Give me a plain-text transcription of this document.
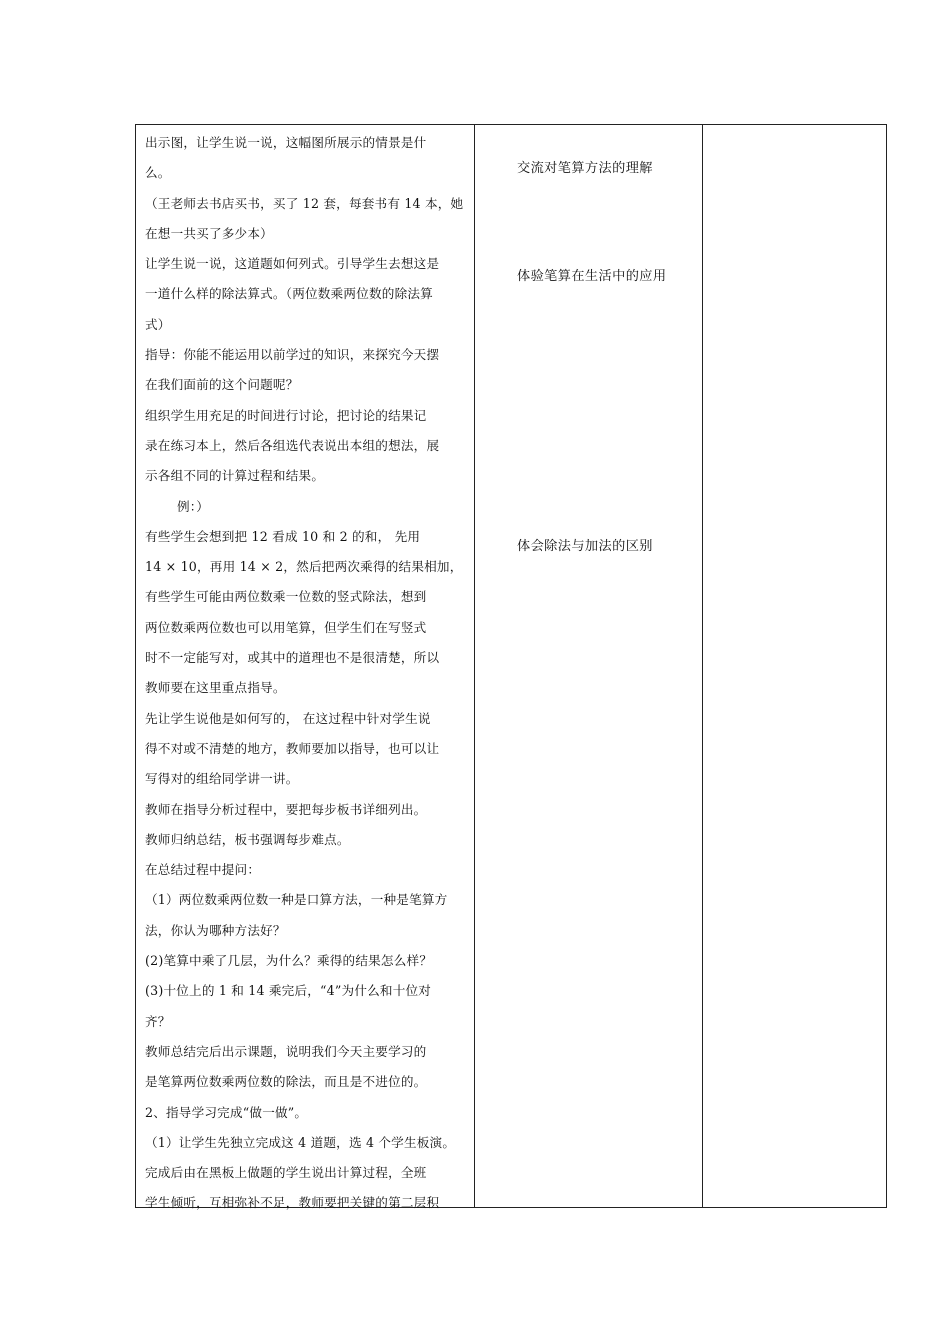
出示图，让学生说一说，这幅图所展示的情景是什
么。
（王老师去书店买书，买了 12 套，每套书有 14 本，她
在想一共买了多少本）
让学生说一说，这道题如何列式。引导学生去想这是
一道什么样的除法算式。（两位数乘两位数的除法算
式）
指导：你能不能运用以前学过的知识，来探究今天摆
在我们面前的这个问题呢？
组织学生用充足的时间进行讨论，把讨论的结果记
录在练习本上，然后各组选代表说出本组的想法，展
示各组不同的计算过程和结果。
例：）
有些学生会想到把 12 看成 10 和 2 的和， 先用
14 × 10，再用 14 × 2，然后把两次乘得的结果相加，
有些学生可能由两位数乘一位数的竖式除法，想到
两位数乘两位数也可以用笔算，但学生们在写竖式
时不一定能写对，或其中的道理也不是很清楚，所以
教师要在这里重点指导。
先让学生说他是如何写的， 在这过程中针对学生说
得不对或不清楚的地方，教师要加以指导，也可以让
写得对的组给同学讲一讲。
教师在指导分析过程中，要把每步板书详细列出。
教师归纳总结，板书强调每步难点。
在总结过程中提问：
（1）两位数乘两位数一种是口算方法，一种是笔算方
法，你认为哪种方法好？
(2)笔算中乘了几层，为什么？乘得的结果怎么样？
(3)十位上的 1 和 14 乘完后，“4”为什么和十位对
齐？
教师总结完后出示课题，说明我们今天主要学习的
是笔算两位数乘两位数的除法，而且是不进位的。
2、指导学习完成“做一做”。
（1）让学生先独立完成这 4 道题，选 4 个学生板演。
完成后由在黑板上做题的学生说出计算过程，全班
学生倾听，互相弥补不足，教师要把关键的第二层积
交流对笔算方法的理解
体验笔算在生活中的应用
体会除法与加法的区别
